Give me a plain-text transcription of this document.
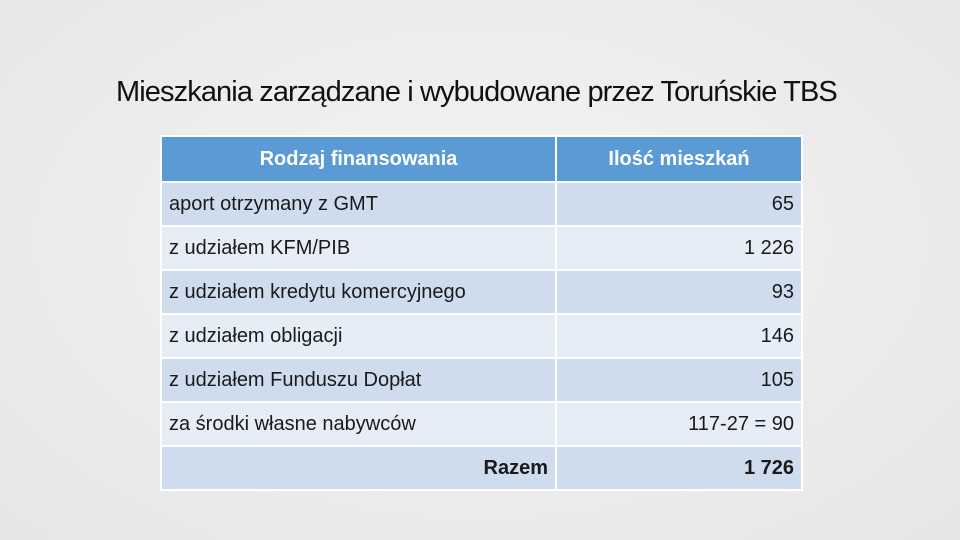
Mieszkania zarządzane i wybudowane przez Toruńskie TBS
Rodzaj finansowania	Ilość mieszkań
aport otrzymany z GMT	65
z udziałem KFM/PIB	1 226
z udziałem kredytu komercyjnego	93
z udziałem obligacji	146
z udziałem Funduszu Dopłat	105
za środki własne nabywców	117-27 = 90
Razem	1 726
